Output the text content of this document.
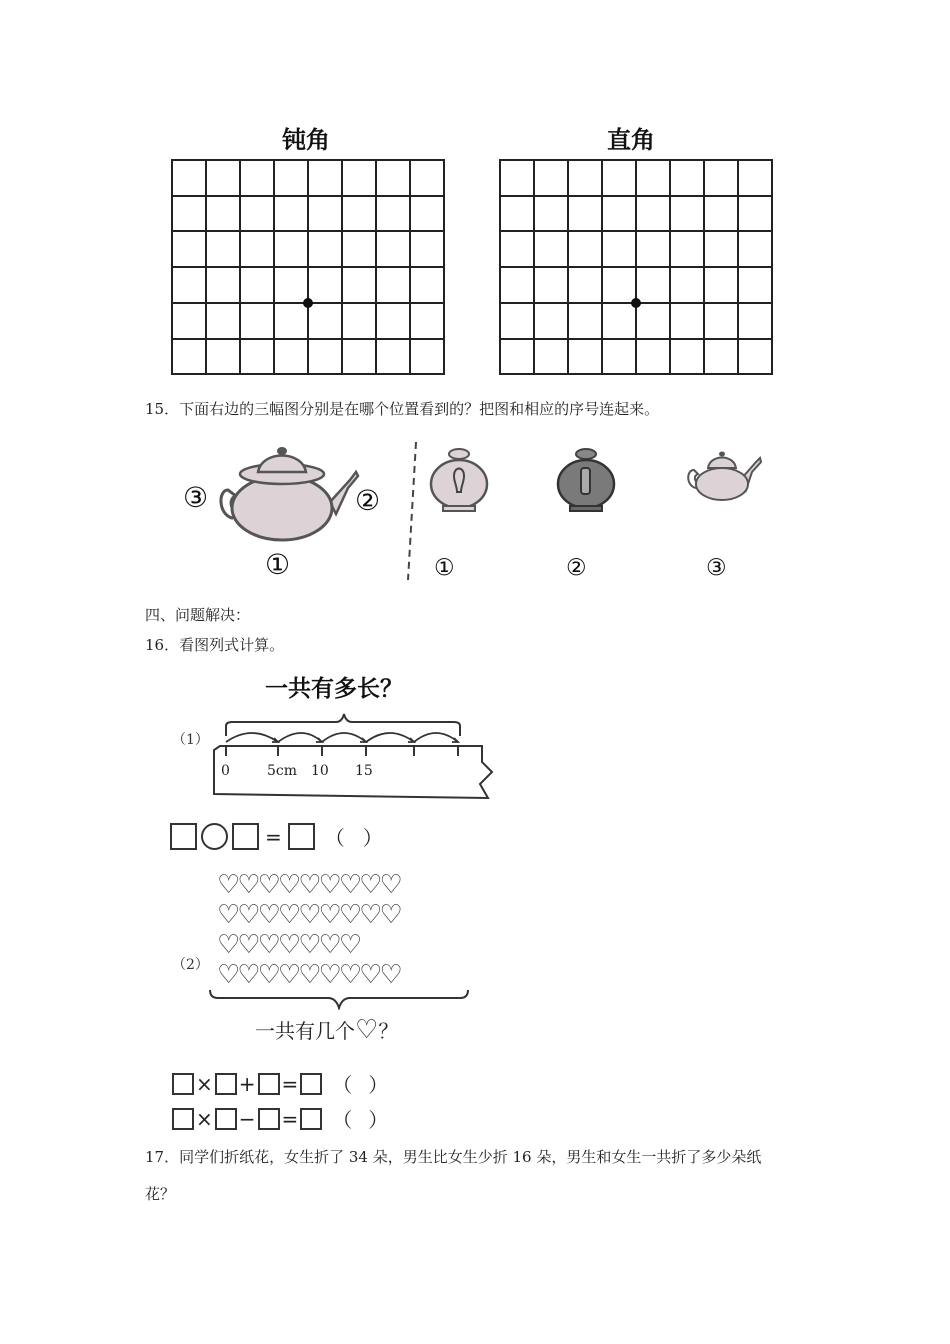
钝角	直角
15．下面右边的三幅图分别是在哪个位置看到的？把图和相应的序号连起来。
③	②
①	①	②	③
四、问题解决：
16．看图列式计算。
一共有多长？
（1）
0	5cm 10 15
= （ ）
♡♡♡♡♡♡♡♡♡
♡♡♡♡♡♡♡♡♡
♡♡♡♡♡♡♡
♡♡♡♡♡♡♡♡♡
（2）
一共有几个♡？
× + = （ ）
× − = （ ）
17．同学们折纸花，女生折了 34 朵，男生比女生少折 16 朵，男生和女生一共折了多少朵纸
花？
